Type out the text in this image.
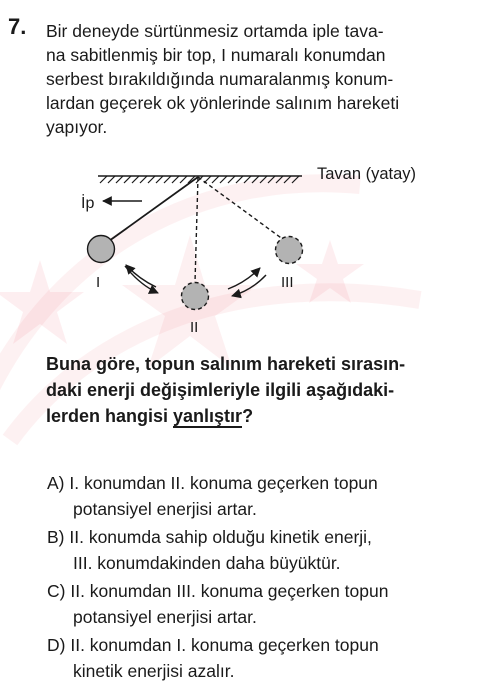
7. Bir deneyde sürtünmesiz ortamda iple tava-
na sabitlenmiş bir top, I numaralı konumdan
serbest bırakıldığında numaralanmış konum-
lardan geçerek ok yönlerinde salınım hareketi
yapıyor.
Tavan (yatay)
İp
I
II
III
Buna göre, topun salınım hareketi sırasın-
daki enerji değişimleriyle ilgili aşağıdaki-
lerden hangisi yanlıştır?
A) I. konumdan II. konuma geçerken topun
potansiyel enerjisi artar.
B) II. konumda sahip olduğu kinetik enerji,
III. konumdakinden daha büyüktür.
C) II. konumdan III. konuma geçerken topun
potansiyel enerjisi artar.
D) II. konumdan I. konuma geçerken topun
kinetik enerjisi azalır.
